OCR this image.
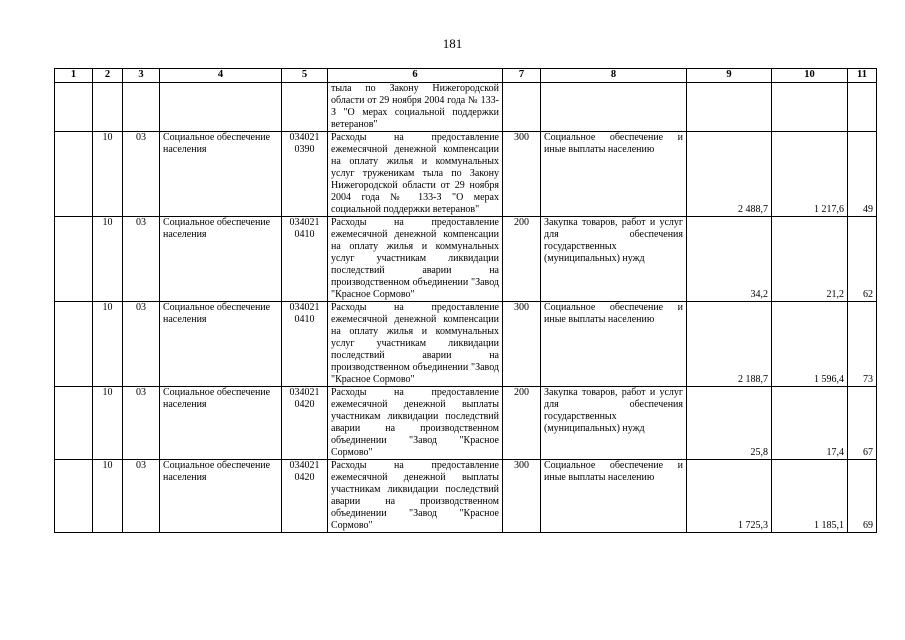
181
1	2	3	4	5	6	7	8	9	10	11
					тыла по Закону Нижегородской области от 29 ноября 2004 года № 133-З "О мерах социальной поддержки ветеранов"					
	10	03	Социальное обеспечение населения	034021 0390	Расходы на предоставление ежемесячной денежной компенсации на оплату жилья и коммунальных услуг труженикам тыла по Закону Нижегородской области от 29 ноября 2004 года № 133-З "О мерах социальной поддержки ветеранов"	300	Социальное обеспечение и иные выплаты населению	2 488,7	1 217,6	49
	10	03	Социальное обеспечение населения	034021 0410	Расходы на предоставление ежемесячной денежной компенсации на оплату жилья и коммунальных услуг участникам ликвидации последствий аварии на производственном объединении "Завод "Красное Сормово"	200	Закупка товаров, работ и услуг для обеспечения государственных (муниципальных) нужд	34,2	21,2	62
	10	03	Социальное обеспечение населения	034021 0410	Расходы на предоставление ежемесячной денежной компенсации на оплату жилья и коммунальных услуг участникам ликвидации последствий аварии на производственном объединении "Завод "Красное Сормово"	300	Социальное обеспечение и иные выплаты населению	2 188,7	1 596,4	73
	10	03	Социальное обеспечение населения	034021 0420	Расходы на предоставление ежемесячной денежной выплаты участникам ликвидации последствий аварии на производственном объединении "Завод "Красное Сормово"	200	Закупка товаров, работ и услуг для обеспечения государственных (муниципальных) нужд	25,8	17,4	67
	10	03	Социальное обеспечение населения	034021 0420	Расходы на предоставление ежемесячной денежной выплаты участникам ликвидации последствий аварии на производственном объединении "Завод "Красное Сормово"	300	Социальное обеспечение и иные выплаты населению	1 725,3	1 185,1	69
